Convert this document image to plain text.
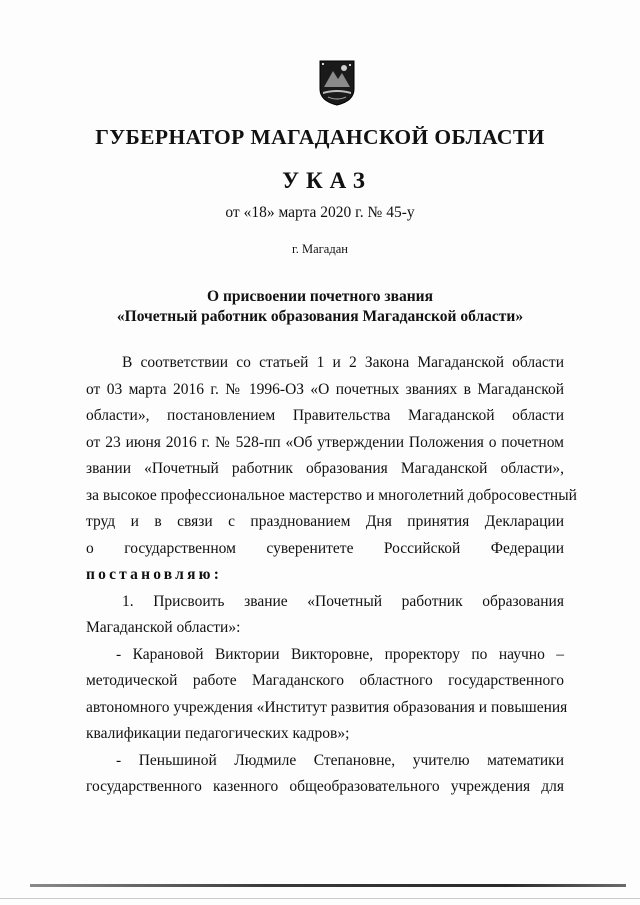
ГУБЕРНАТОР МАГАДАНСКОЙ ОБЛАСТИ
УКАЗ
от «18» марта 2020 г. № 45-у
г. Магадан
О присвоении почетного звания
«Почетный работник образования Магаданской области»
В соответствии со статьей 1 и 2 Закона Магаданской области
от 03 марта 2016 г. № 1996-ОЗ «О почетных званиях в Магаданской
области», постановлением Правительства Магаданской области
от 23 июня 2016 г. № 528-пп «Об утверждении Положения о почетном
звании «Почетный работник образования Магаданской области»,
за высокое профессиональное мастерство и многолетний добросовестный
труд и в связи с празднованием Дня принятия Декларации
о государственном суверенитете Российской Федерации
постановляю:
1. Присвоить звание «Почетный работник образования
Магаданской области»:
- Карановой Виктории Викторовне, проректору по научно –
методической работе Магаданского областного государственного
автономного учреждения «Институт развития образования и повышения
квалификации педагогических кадров»;
- Пеньшиной Людмиле Степановне, учителю математики
государственного казенного общеобразовательного учреждения для
